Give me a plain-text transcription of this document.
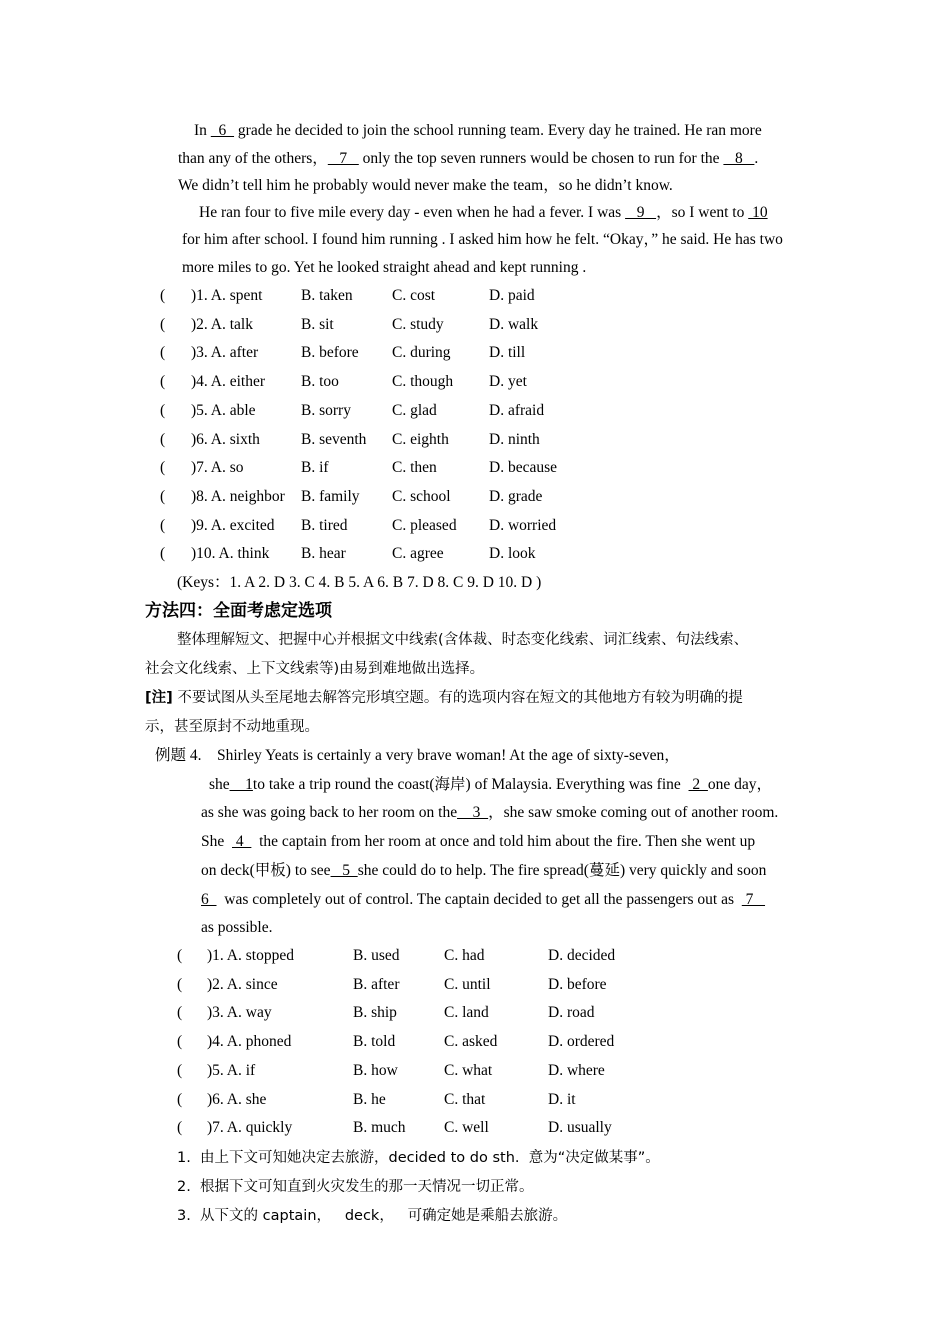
In   6   grade he decided to join the school running team. Every day he trained. He ran more
than any of the others，   7    only the top seven runners would be chosen to run for the    8   .
We didn’t tell him he probably would never make the team，so he didn’t know.
He ran four to five mile every day - even when he had a fever. I was    9   ，so I went to  10
for him after school. I found him running . I asked him how he felt. “Okay，” he said. He has two
more miles to go. Yet he looked straight ahead and kept running .
( )1. A. spent B. taken	C. cost	D. paid
( )2. A. talk	B. sit	C. study	D. walk
( )3. A. after	B. before C. during D. till
( )4. A. either B. too	C. though D. yet
( )5. A. able	B. sorry	C. glad	D. afraid
( )6. A. sixth	B. seventh C. eighth	D. ninth
( )7. A. so	B. if	C. then	D. because
( )8. A. neighbor B. family C. school D. grade
( )9. A. excited B. tired	C. pleased D. worried
( )10. A. think B. hear	C. agree	D. look
(Keys：1. A 2. D 3. C 4. B 5. A 6. B 7. D 8. C 9. D 10. D )
方法四：全面考虑定选项
整体理解短文、把握中心并根据文中线索(含体裁、时态变化线索、词汇线索、句法线索、
社会文化线索、上下文线索等)由易到难地做出选择。
[注] 不要试图从头至尾地去解答完形填空题。有的选项内容在短文的其他地方有较为明确的提
示，甚至原封不动地重现。
例题 4.    Shirley Yeats is certainly a very brave woman! At the age of sixty-seven，
she__1to take a trip round the coast(海岸) of Malaysia. Everything was fine   2  one day，
as she was going back to her room on the__3  ，she saw smoke coming out of another room.
She   4    the captain from her room at once and told him about the fire. Then she went up
on deck(甲板) to see   5  she could do to help. The fire spread(蔓延) very quickly and soon
6    was completely out of control. The captain decided to get all the passengers out as   7
as possible.
( )1. A. stopped	B. used	C. had	D. decided
( )2. A. since	B. after	C. until	D. before
( )3. A. way	B. ship	C. land	D. road
( )4. A. phoned	B. told	C. asked	D. ordered
( )5. A. if	B. how	C. what	D. where
( )6. A. she	B. he	C. that	D. it
( )7. A. quickly	B. much C. well	D. usually
1.  由上下文可知她决定去旅游，decided to do sth.  意为“决定做某事”。
2.  根据下文可知直到火灾发生的那一天情况一切正常。
3.  从下文的 captain，   deck，   可确定她是乘船去旅游。
